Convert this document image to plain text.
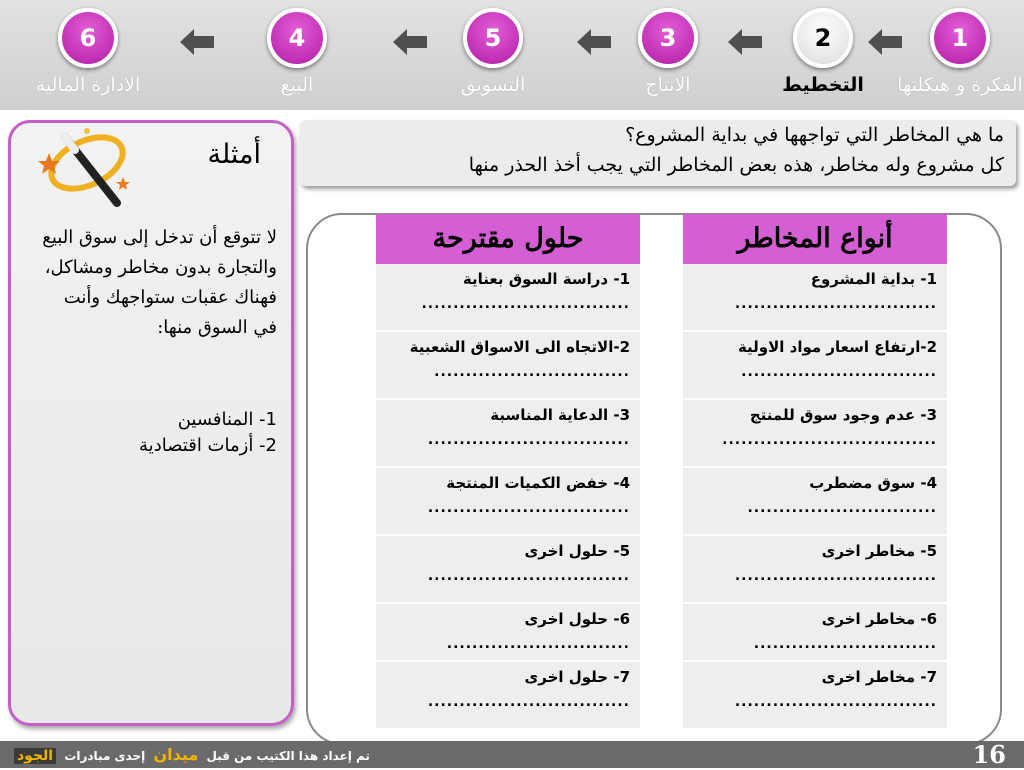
1
الفكرة و هيكلتها
2
التخطيط
3
الانتاج
5
التسويق
4
البيع
6
الادارة المالية
أمثلة
لا تتوقع أن تدخل إلى سوق البيع والتجارة بدون مخاطر ومشاكل، فهناك عقبات ستواجهك وأنت في السوق منها:
1- المنافسين
2- أزمات اقتصادية
ما هي المخاطر التي تواجهها في بداية المشروع؟
كل مشروع وله مخاطر، هذه بعض المخاطر التي يجب أخذ الحذر منها
أنواع المخاطر
1- بداية المشروع
................................
2-ارتفاع اسعار مواد الاولية
...............................
3- عدم وجود سوق للمنتج
..................................
4- سوق مضطرب
..............................
5- مخاطر اخرى
................................
6- مخاطر اخرى
.............................
7- مخاطر اخرى
................................
حلول مقترحة
1- دراسة السوق بعناية
.................................
2-الاتجاه الى الاسواق الشعبية
...............................
3- الدعاية المناسبة
................................
4- خفض الكميات المنتجة
................................
5- حلول اخرى
................................
6- حلول اخرى
.............................
7- حلول اخرى
................................
16
تم إعداد هذا الكتيب من قبل ميدان إحدى مبادرات الجود
